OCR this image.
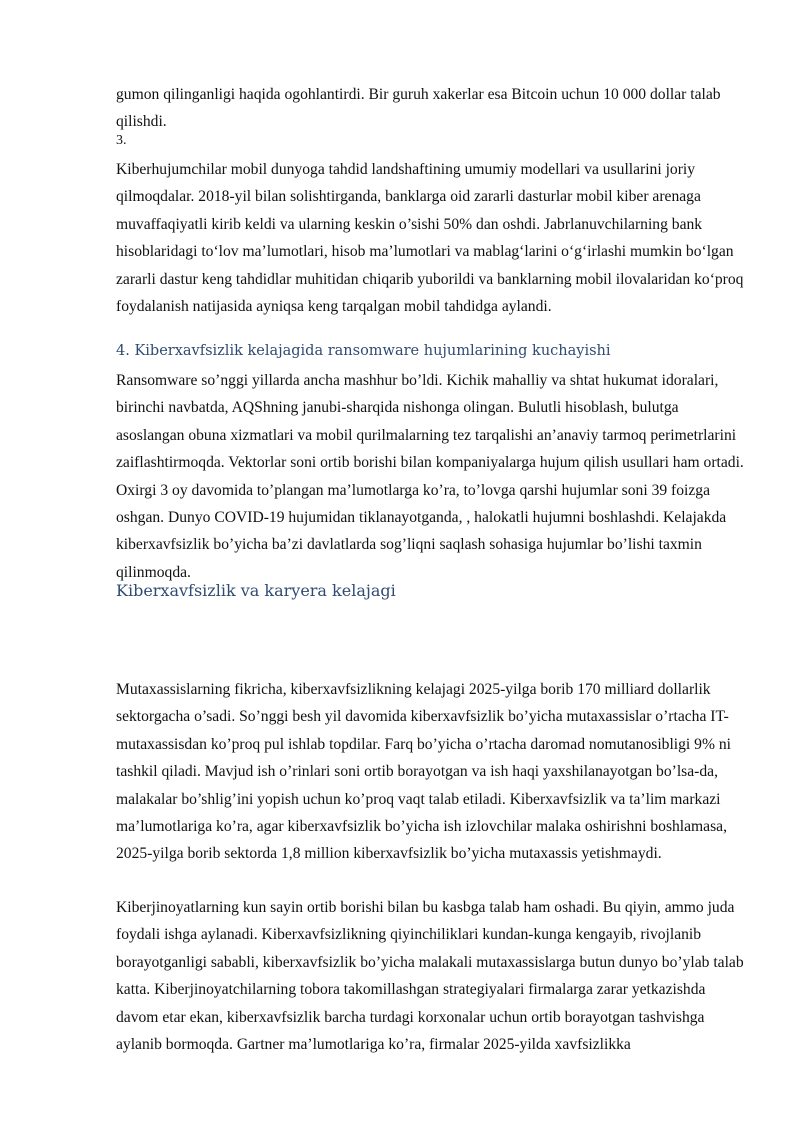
gumon qilinganligi haqida ogohlantirdi. Bir guruh xakerlar esa Bitcoin uchun 10 000 dollar talab qilishdi.

3.

Kiberhujumchilar mobil dunyoga tahdid landshaftining umumiy modellari va usullarini joriy qilmoqdalar. 2018-yil bilan solishtirganda, banklarga oid zararli dasturlar mobil kiber arenaga muvaffaqiyatli kirib keldi va ularning keskin o’sishi 50% dan oshdi. Jabrlanuvchilarning bank hisoblaridagi to‘lov ma’lumotlari, hisob ma’lumotlari va mablag‘larini o‘g‘irlashi mumkin bo‘lgan zararli dastur keng tahdidlar muhitidan chiqarib yuborildi va banklarning mobil ilovalaridan ko‘proq foydalanish natijasida ayniqsa keng tarqalgan mobil tahdidga aylandi.

4. Kiberxavfsizlik kelajagida ransomware hujumlarining kuchayishi

Ransomware so’nggi yillarda ancha mashhur bo’ldi. Kichik mahalliy va shtat hukumat idoralari, birinchi navbatda, AQShning janubi-sharqida nishonga olingan. Bulutli hisoblash, bulutga asoslangan obuna xizmatlari va mobil qurilmalarning tez tarqalishi an’anaviy tarmoq perimetrlarini zaiflashtirmoqda. Vektorlar soni ortib borishi bilan kompaniyalarga hujum qilish usullari ham ortadi. Oxirgi 3 oy davomida to’plangan ma’lumotlarga ko’ra, to’lovga qarshi hujumlar soni 39 foizga oshgan. Dunyo COVID-19 hujumidan tiklanayotganda, , halokatli hujumni boshlashdi. Kelajakda kiberxavfsizlik bo’yicha ba’zi davlatlarda sog’liqni saqlash sohasiga hujumlar bo’lishi taxmin qilinmoqda.

Kiberxavfsizlik va karyera kelajagi

Mutaxassislarning fikricha, kiberxavfsizlikning kelajagi 2025-yilga borib 170 milliard dollarlik sektorgacha o’sadi. So’nggi besh yil davomida kiberxavfsizlik bo’yicha mutaxassislar o’rtacha IT-mutaxassisdan ko’proq pul ishlab topdilar. Farq bo’yicha o’rtacha daromad nomutanosibligi 9% ni tashkil qiladi. Mavjud ish o’rinlari soni ortib borayotgan va ish haqi yaxshilanayotgan bo’lsa-da, malakalar bo’shlig’ini yopish uchun ko’proq vaqt talab etiladi. Kiberxavfsizlik va ta’lim markazi ma’lumotlariga ko’ra, agar kiberxavfsizlik bo’yicha ish izlovchilar malaka oshirishni boshlamasa, 2025-yilga borib sektorda 1,8 million kiberxavfsizlik bo’yicha mutaxassis yetishmaydi.

Kiberjinoyatlarning kun sayin ortib borishi bilan bu kasbga talab ham oshadi. Bu qiyin, ammo juda foydali ishga aylanadi. Kiberxavfsizlikning qiyinchiliklari kundan-kunga kengayib, rivojlanib borayotganligi sababli, kiberxavfsizlik bo’yicha malakali mutaxassislarga butun dunyo bo’ylab talab katta. Kiberjinoyatchilarning tobora takomillashgan strategiyalari firmalarga zarar yetkazishda davom etar ekan, kiberxavfsizlik barcha turdagi korxonalar uchun ortib borayotgan tashvishga aylanib bormoqda. Gartner ma’lumotlariga ko’ra, firmalar 2025-yilda xavfsizlikka
